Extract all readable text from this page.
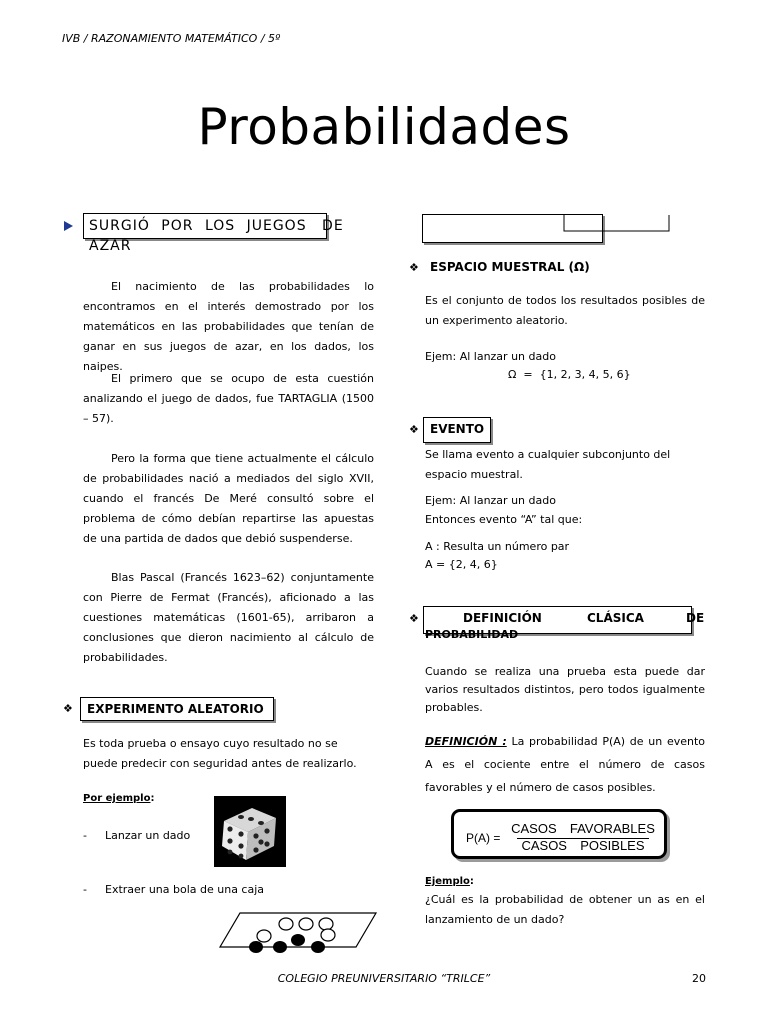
IVB / RAZONAMIENTO MATEMÁTICO / 5º
Probabilidades
SURGIÓ POR LOS JUEGOS DE
AZAR
El nacimiento de las probabilidades lo encontramos en el interés demostrado por los matemáticos en las probabilidades que tenían de ganar en sus juegos de azar, en los dados, los naipes.
El primero que se ocupo de esta cuestión analizando el juego de dados, fue TARTAGLIA (1500 – 57).
Pero la forma que tiene actualmente el cálculo de probabilidades nació a mediados del siglo XVII, cuando el francés De Meré consultó sobre el problema de cómo debían repartirse las apuestas de una partida de dados que debió suspenderse.
Blas Pascal (Francés 1623–62) conjuntamente con Pierre de Fermat (Francés), aficionado a las cuestiones matemáticas (1601-65), arribaron a conclusiones que dieron nacimiento al cálculo de probabilidades.
❖ EXPERIMENTO ALEATORIO
Es toda prueba o ensayo cuyo resultado no se puede predecir con seguridad antes de realizarlo.
Por ejemplo:
- Lanzar un dado
- Extraer una bola de una caja
❖ ESPACIO MUESTRAL (Ω)
Es el conjunto de todos los resultados posibles de un experimento aleatorio.
Ejem: Al lanzar un dado
Ω  =  {1, 2, 3, 4, 5, 6}
❖ EVENTO
Se llama evento a cualquier subconjunto del espacio muestral.
Ejem: Al lanzar un dado
Entonces evento “A” tal que:
A : Resulta un número par
A = {2, 4, 6}
❖	DEFINICIÓN	CLÁSICA	DE
PROBABILIDAD
Cuando se realiza una prueba esta puede dar varios resultados distintos, pero todos igualmente probables.
DEFINICIÓN : La probabilidad P(A) de un evento A es el cociente entre el número de casos favorables y el número de casos posibles.
P(A) =
CASOS  FAVORABLES
CASOS  POSIBLES
Ejemplo:
¿Cuál es la probabilidad de obtener un as en el lanzamiento de un dado?
COLEGIO PREUNIVERSITARIO “TRILCE”	20
